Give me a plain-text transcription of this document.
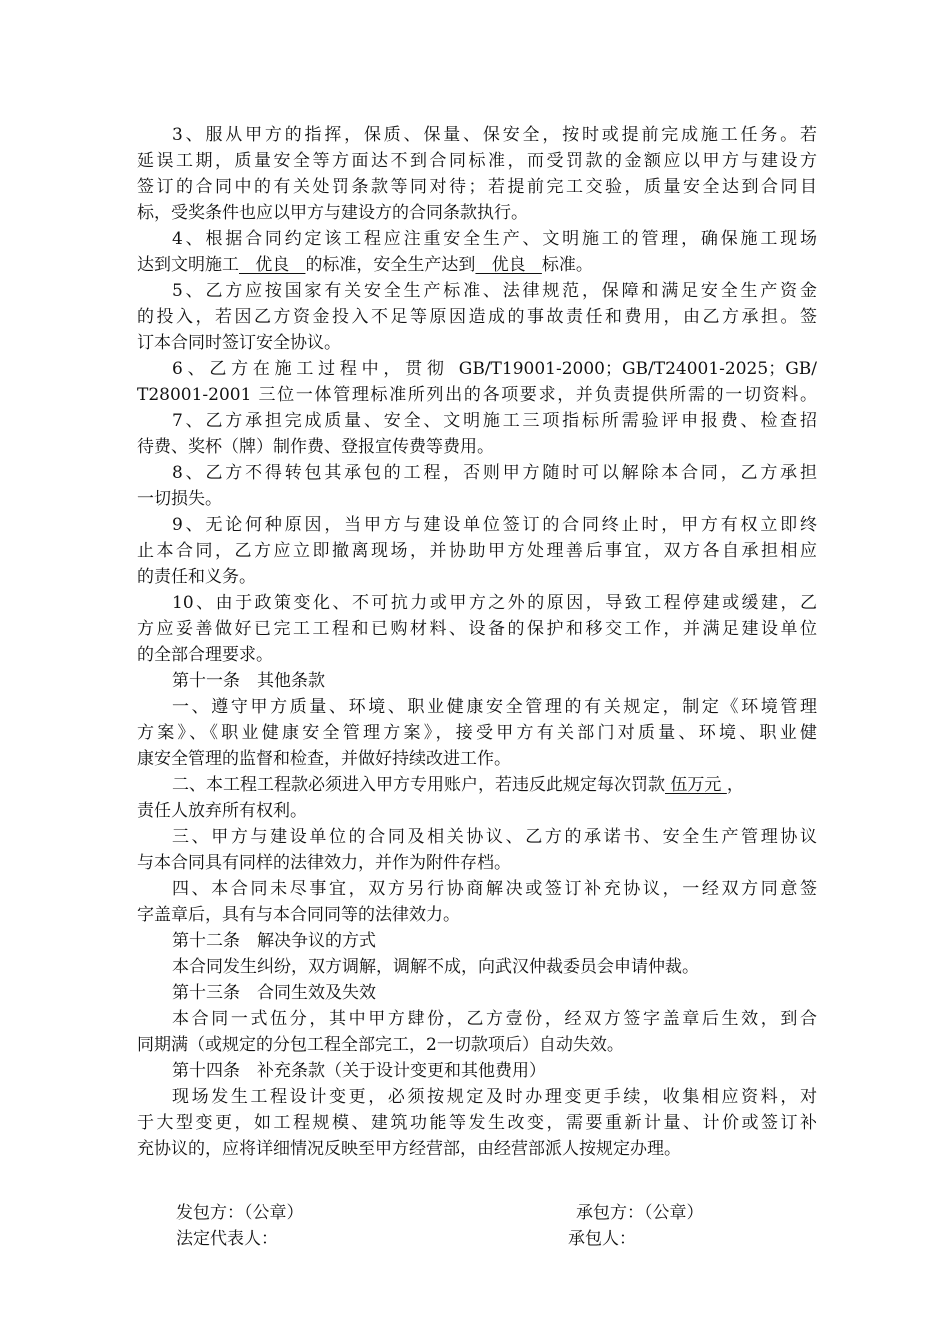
3、服从甲方的指挥，保质、保量、保安全，按时或提前完成施工任务。若
延误工期，质量安全等方面达不到合同标准，而受罚款的金额应以甲方与建设方
签订的合同中的有关处罚条款等同对待；若提前完工交验，质量安全达到合同目
标，受奖条件也应以甲方与建设方的合同条款执行。
4、根据合同约定该工程应注重安全生产、文明施工的管理，确保施工现场
达到文明施工   优良   的标准，安全生产达到   优良   标准。
5、乙方应按国家有关安全生产标准、法律规范，保障和满足安全生产资金
的投入，若因乙方资金投入不足等原因造成的事故责任和费用，由乙方承担。签
订本合同时签订安全协议。
6、乙方在施工过程中，贯彻 GB/T19001-2000；GB/T24001-2025；GB/
T28001-2001 三位一体管理标准所列出的各项要求，并负责提供所需的一切资料。
7、乙方承担完成质量、安全、文明施工三项指标所需验评申报费、检查招
待费、奖杯（牌）制作费、登报宣传费等费用。
8、乙方不得转包其承包的工程，否则甲方随时可以解除本合同，乙方承担
一切损失。
9、无论何种原因，当甲方与建设单位签订的合同终止时，甲方有权立即终
止本合同，乙方应立即撤离现场，并协助甲方处理善后事宜，双方各自承担相应
的责任和义务。
10、由于政策变化、不可抗力或甲方之外的原因，导致工程停建或缓建，乙
方应妥善做好已完工工程和已购材料、设备的保护和移交工作，并满足建设单位
的全部合理要求。
第十一条　其他条款
一、遵守甲方质量、环境、职业健康安全管理的有关规定，制定《环境管理
方案》、《职业健康安全管理方案》，接受甲方有关部门对质量、环境、职业健
康安全管理的监督和检查，并做好持续改进工作。
二、本工程工程款必须进入甲方专用账户，若违反此规定每次罚款 伍万元 ，
责任人放弃所有权利。
三、甲方与建设单位的合同及相关协议、乙方的承诺书、安全生产管理协议
与本合同具有同样的法律效力，并作为附件存档。
四、本合同未尽事宜，双方另行协商解决或签订补充协议，一经双方同意签
字盖章后，具有与本合同同等的法律效力。
第十二条　解决争议的方式
本合同发生纠纷，双方调解，调解不成，向武汉仲裁委员会申请仲裁。
第十三条　合同生效及失效
本合同一式伍分，其中甲方肆份，乙方壹份，经双方签字盖章后生效，到合
同期满（或规定的分包工程全部完工，2一切款项后）自动失效。
第十四条　补充条款（关于设计变更和其他费用）
现场发生工程设计变更，必须按规定及时办理变更手续，收集相应资料，对
于大型变更，如工程规模、建筑功能等发生改变，需要重新计量、计价或签订补
充协议的，应将详细情况反映至甲方经营部，由经营部派人按规定办理。
发包方：（公章）	承包方：（公章）
法定代表人：	承包人：
